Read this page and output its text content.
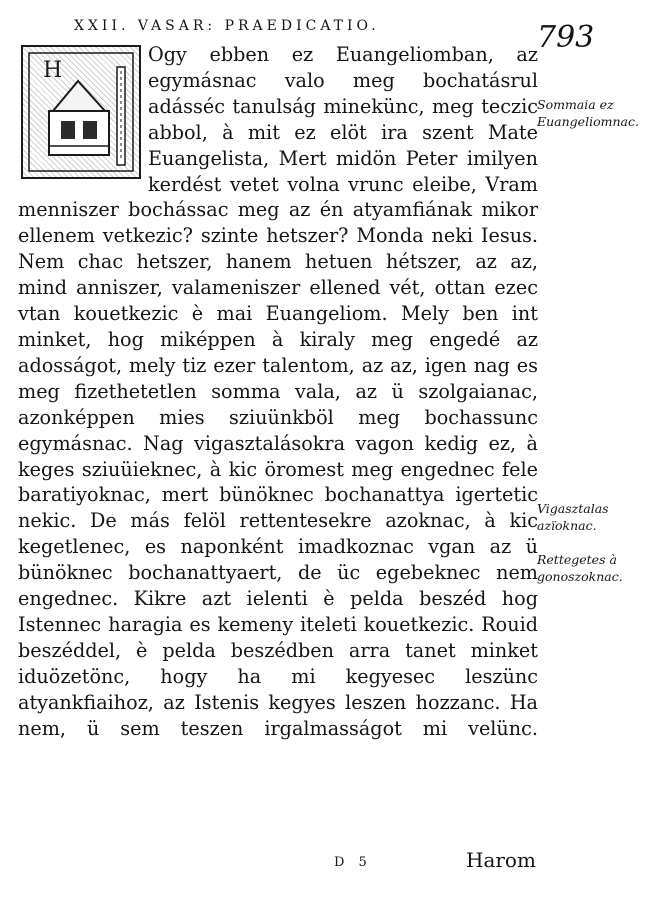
XXII. VASAR: PRAEDICATIO.	793
H

Ogy ebben ez Euangeliomban, az egymásnac valo meg bochatásrul adásséc tanulság minekünc, meg teczic abbol, à mit ez elöt ira szent Mate Euangelista, Mert midön Peter imilyen kerdést vetet volna vrunc eleibe, Vram menniszer bochássac meg az én atyamfiának mikor ellenem vetkezic? szinte hetszer? Monda neki Iesus. Nem chac hetszer, hanem hetuen hétszer, az az, mind anniszer, valameniszer ellened vét, ottan ezec vtan kouetkezic è mai Euangeliom. Mely ben int minket, hog miképpen à kiraly meg engedé az adosságot, mely tiz ezer talentom, az az, igen nag es meg fizethetetlen somma vala, az ü szolgaianac, azonképpen mies sziuünkböl meg bochassunc egymásnac. Nag vigasztalásokra vagon kedig ez, à keges sziuüieknec, à kic öromest meg engednec fele baratiyoknac, mert bünöknec bochanattya igertetic nekic. De más felöl rettentesekre azoknac, à kic kegetlenec, es naponként imadkoznac vgan az ü bünöknec bochanattyaert, de üc egebeknec nem engednec. Kikre azt ielenti è pelda beszéd hog Istennec haragia es kemeny iteleti kouetkezic. Rouid beszéddel, è pelda beszédben arra tanet minket iduözetönc, hogy ha mi kegyesec leszünc atyankfiaihoz, az Istenis kegyes leszen hozzanc. Ha nem, ü sem teszen irgalmasságot mi velünc.

Sommaia ez Euangeliomnac.
Vigasztalas azïoknac.
Rettegetes à gonoszoknac.
D 5	Harom
